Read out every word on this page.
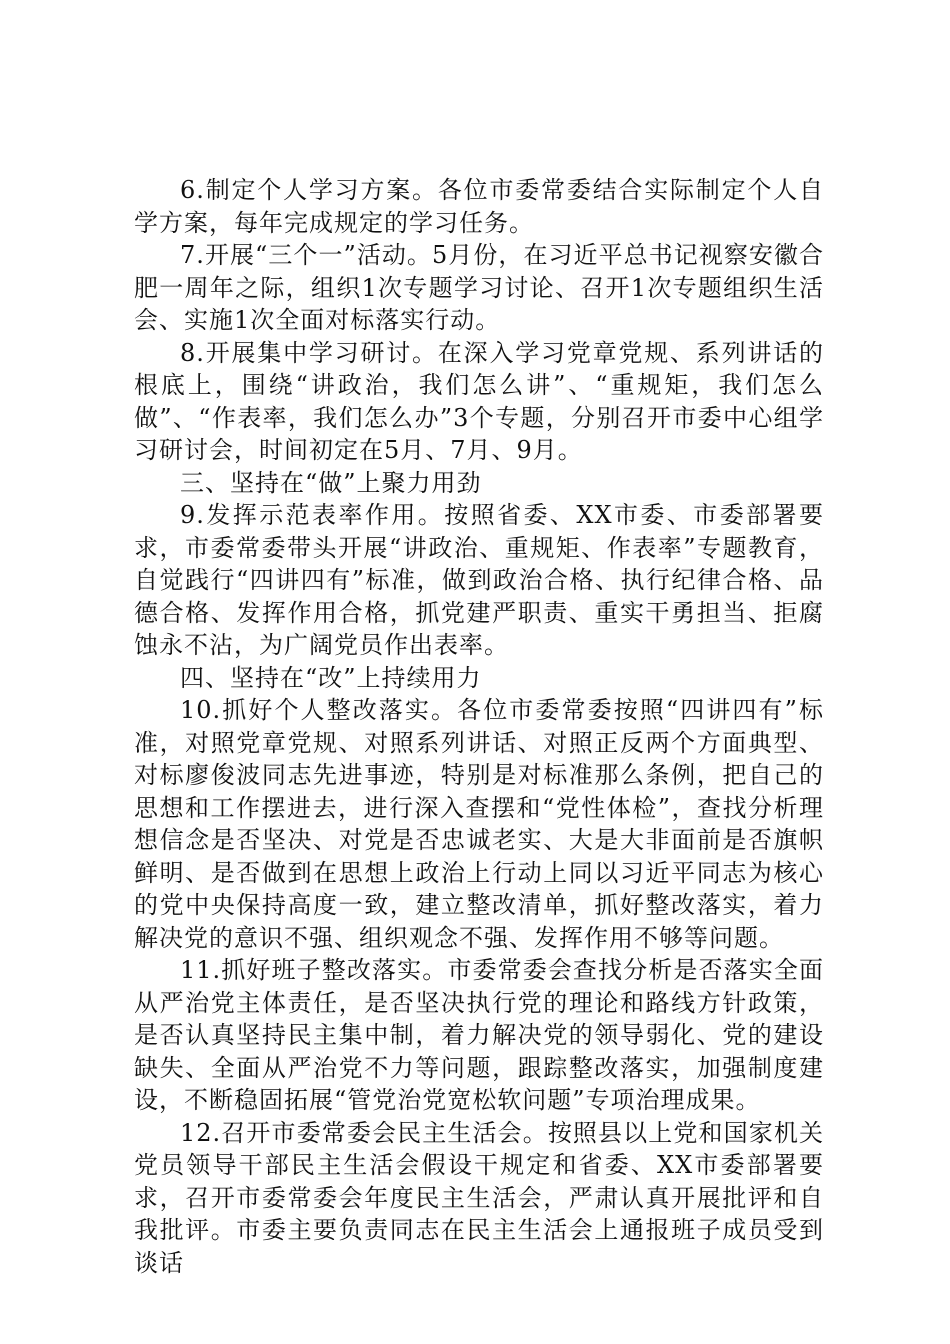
6.制定个人学习方案。各位市委常委结合实际制定个人自学方案，每年完成规定的学习任务。

7.开展“三个一”活动。5月份，在习近平总书记视察安徽合肥一周年之际，组织1次专题学习讨论、召开1次专题组织生活会、实施1次全面对标落实行动。

8.开展集中学习研讨。在深入学习党章党规、系列讲话的根底上，围绕“讲政治，我们怎么讲”、“重规矩，我们怎么做”、“作表率，我们怎么办”3个专题，分别召开市委中心组学习研讨会，时间初定在5月、7月、9月。

三、坚持在“做”上聚力用劲

9.发挥示范表率作用。按照省委、XX市委、市委部署要求，市委常委带头开展“讲政治、重规矩、作表率”专题教育，自觉践行“四讲四有”标准，做到政治合格、执行纪律合格、品德合格、发挥作用合格，抓党建严职责、重实干勇担当、拒腐蚀永不沾，为广阔党员作出表率。

四、坚持在“改”上持续用力

10.抓好个人整改落实。各位市委常委按照“四讲四有”标准，对照党章党规、对照系列讲话、对照正反两个方面典型、对标廖俊波同志先进事迹，特别是对标准那么条例，把自己的思想和工作摆进去，进行深入查摆和“党性体检”，查找分析理想信念是否坚决、对党是否忠诚老实、大是大非面前是否旗帜鲜明、是否做到在思想上政治上行动上同以习近平同志为核心的党中央保持高度一致，建立整改清单，抓好整改落实，着力解决党的意识不强、组织观念不强、发挥作用不够等问题。

11.抓好班子整改落实。市委常委会查找分析是否落实全面从严治党主体责任，是否坚决执行党的理论和路线方针政策，是否认真坚持民主集中制，着力解决党的领导弱化、党的建设缺失、全面从严治党不力等问题，跟踪整改落实，加强制度建设，不断稳固拓展“管党治党宽松软问题”专项治理成果。

12.召开市委常委会民主生活会。按照县以上党和国家机关党员领导干部民主生活会假设干规定和省委、XX市委部署要求，召开市委常委会年度民主生活会，严肃认真开展批评和自我批评。市委主要负责同志在民主生活会上通报班子成员受到谈话
